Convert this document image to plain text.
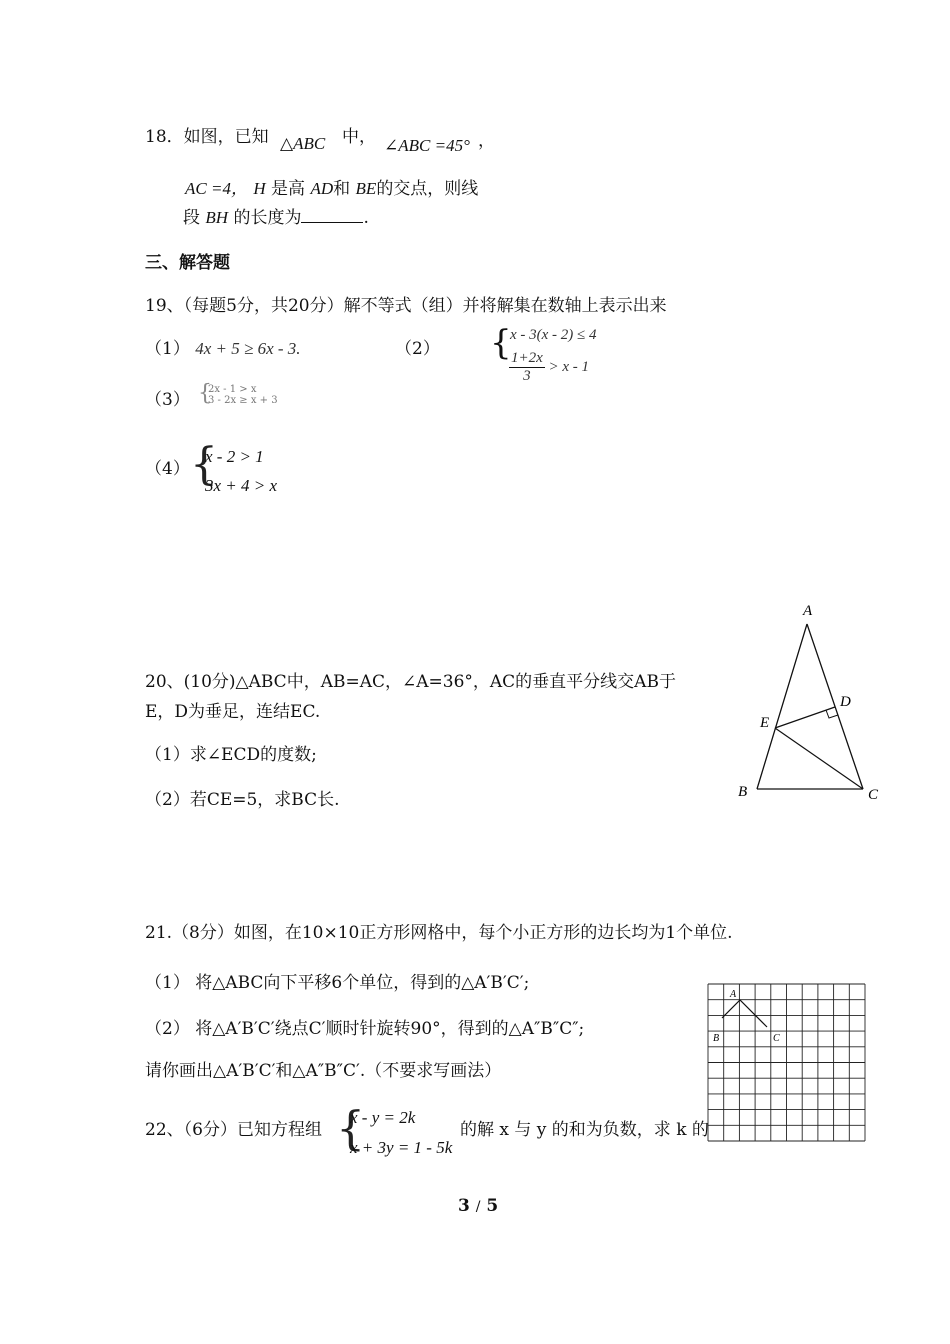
18．如图，已知 △ABC 中， ∠ABC =45° ，
AC =4， H 是高 AD和 BE的交点，则线
段 BH 的长度为	.
三、解答题
19、（每题5分，共20分）解不等式（组）并将解集在数轴上表示出来
（1） 4x + 5 ≥ 6x - 3.	（2） {
x - 3(x - 2) ≤ 4
$\frac{1+2x}{3} > x - 1$
（3） {
2x - 1 > x
3 - 2x ≥ x + 3
（4） {
x - 2 > 1
3x + 4 > x
20、(10分)△ABC中，AB=AC，∠A=36°，AC的垂直平分线交AB于
E，D为垂足，连结EC.
（1）求∠ECD的度数;
（2）若CE=5，求BC长.
A
D
E
B	C
21.（8分）如图，在10×10正方形网格中，每个小正方形的边长均为1个单位.
（1） 将△ABC向下平移6个单位，得到的△A′B′C′;
（2） 将△A′B′C′绕点C′顺时针旋转90°，得到的△A″B″C″;
请你画出△A′B′C′和△A″B″C′.（不要求写画法）
A
B	C
22、（6分）已知方程组 {
x - y = 2k
x + 3y = 1 - 5k
的解 x 与 y 的和为负数，求 k 的
3 / 5
